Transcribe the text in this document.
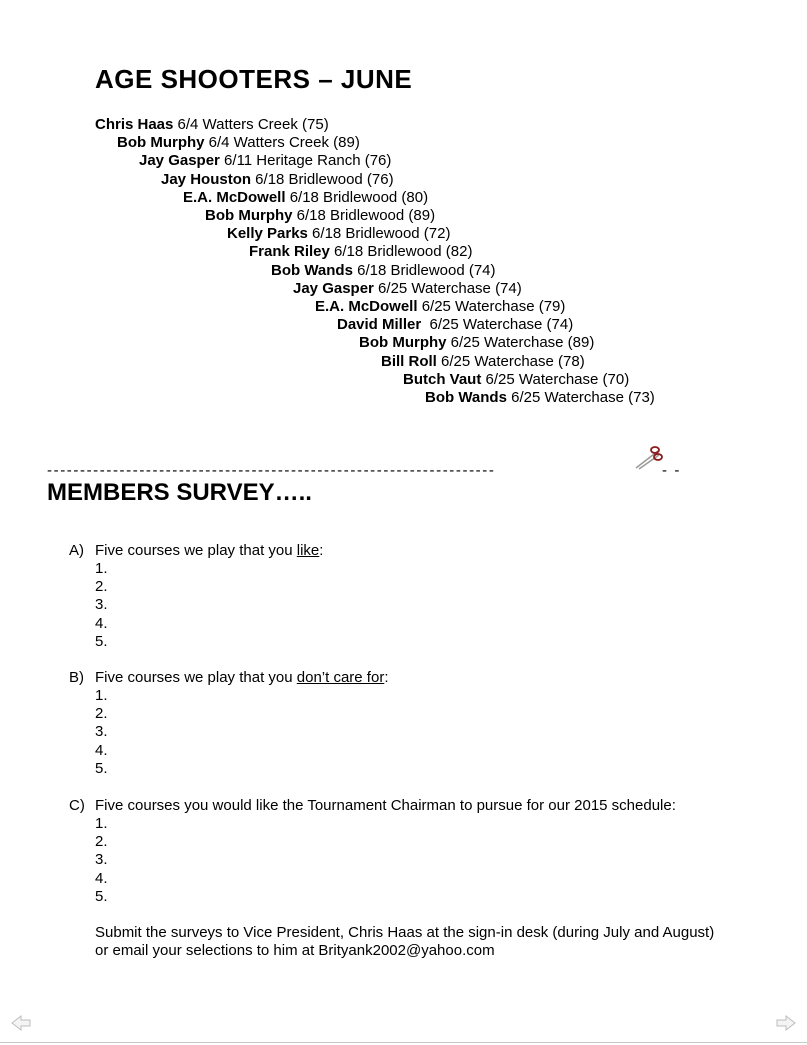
AGE SHOOTERS – JUNE
Chris Haas 6/4 Watters Creek (75)
Bob Murphy 6/4 Watters Creek (89)
Jay Gasper 6/11 Heritage Ranch (76)
Jay Houston 6/18 Bridlewood (76)
E.A. McDowell 6/18 Bridlewood (80)
Bob Murphy 6/18 Bridlewood (89)
Kelly Parks 6/18 Bridlewood (72)
Frank Riley 6/18 Bridlewood (82)
Bob Wands 6/18 Bridlewood (74)
Jay Gasper 6/25 Waterchase (74)
E.A. McDowell 6/25 Waterchase (79)
David Miller  6/25 Waterchase (74)
Bob Murphy 6/25 Waterchase (89)
Bill Roll 6/25 Waterchase (78)
Butch Vaut 6/25 Waterchase (70)
Bob Wands 6/25 Waterchase (73)
--------------------------------------------------------------------	- -
MEMBERS SURVEY…..
A) Five courses we play that you like:
1.
2.
3.
4.
5.
B) Five courses we play that you don’t care for:
1.
2.
3.
4.
5.
C) Five courses you would like the Tournament Chairman to pursue for our 2015 schedule:
1.
2.
3.
4.
5.
Submit the surveys to Vice President, Chris Haas at the sign-in desk (during July and August)
or email your selections to him at Brityank2002@yahoo.com
